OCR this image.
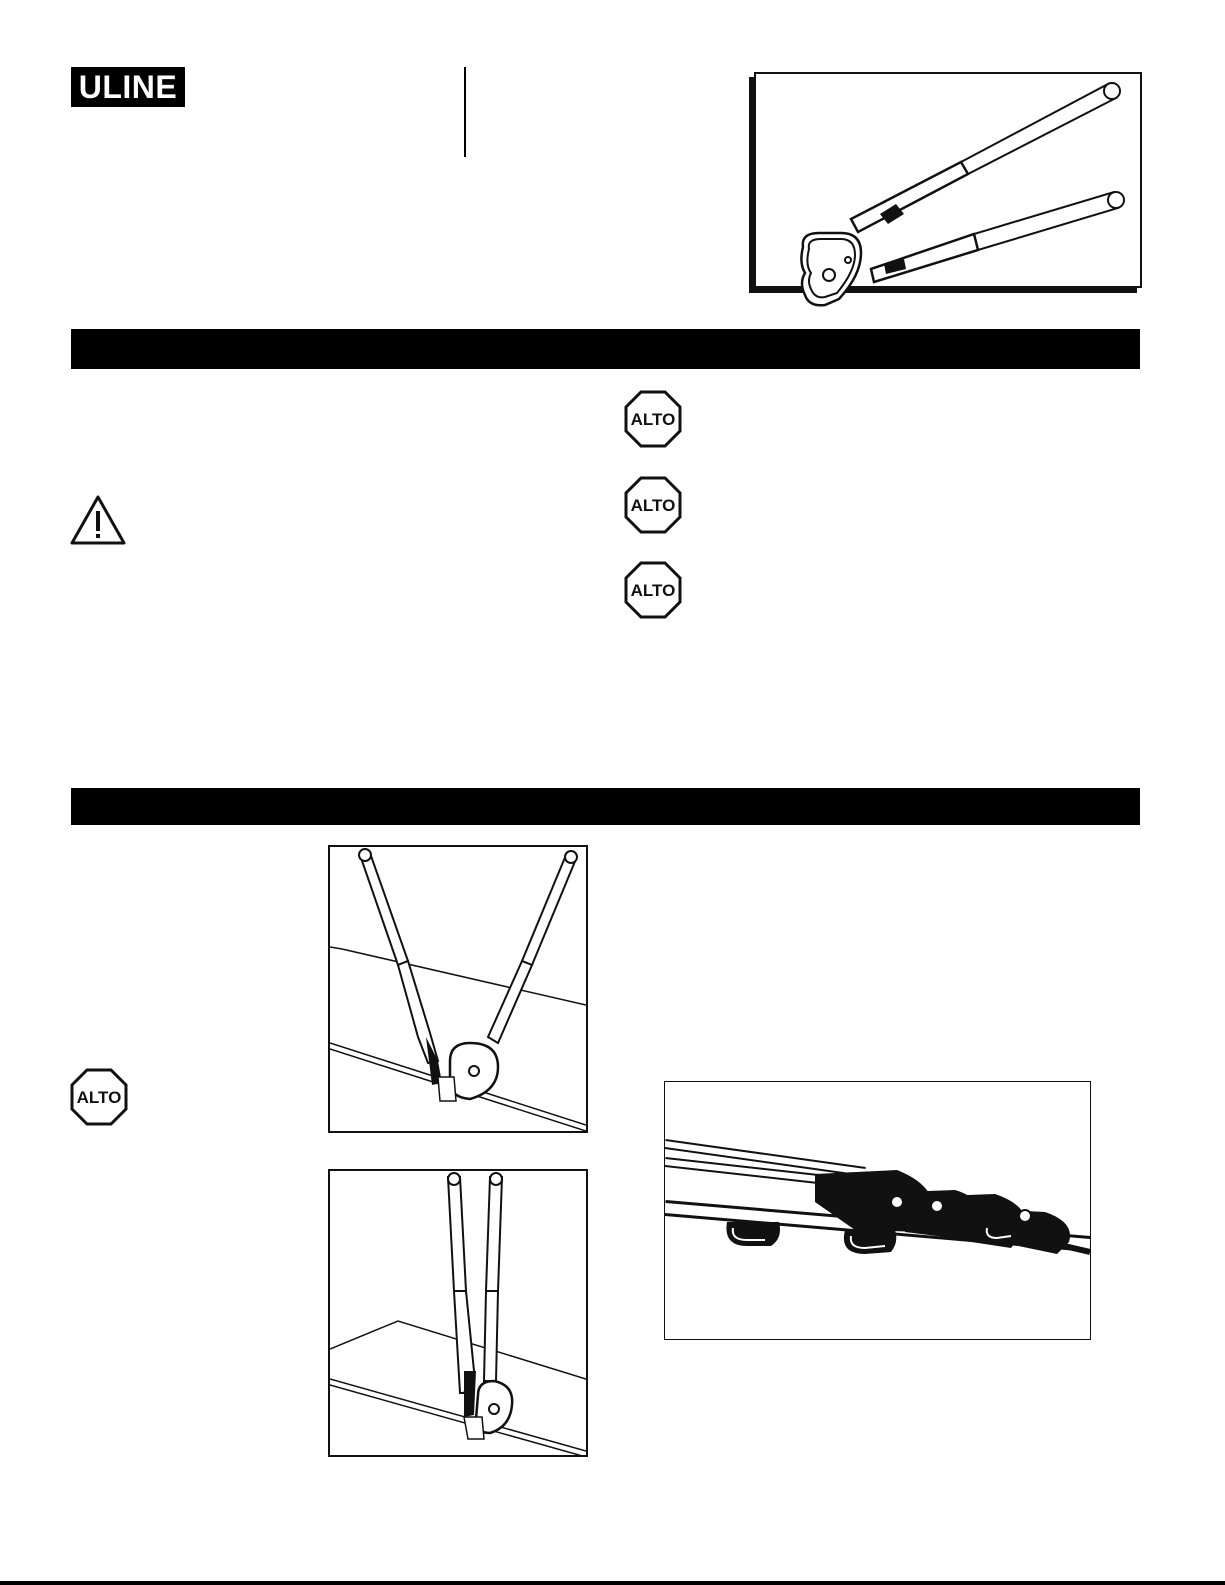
ULINE
ALTO
ALTO
ALTO
ALTO
